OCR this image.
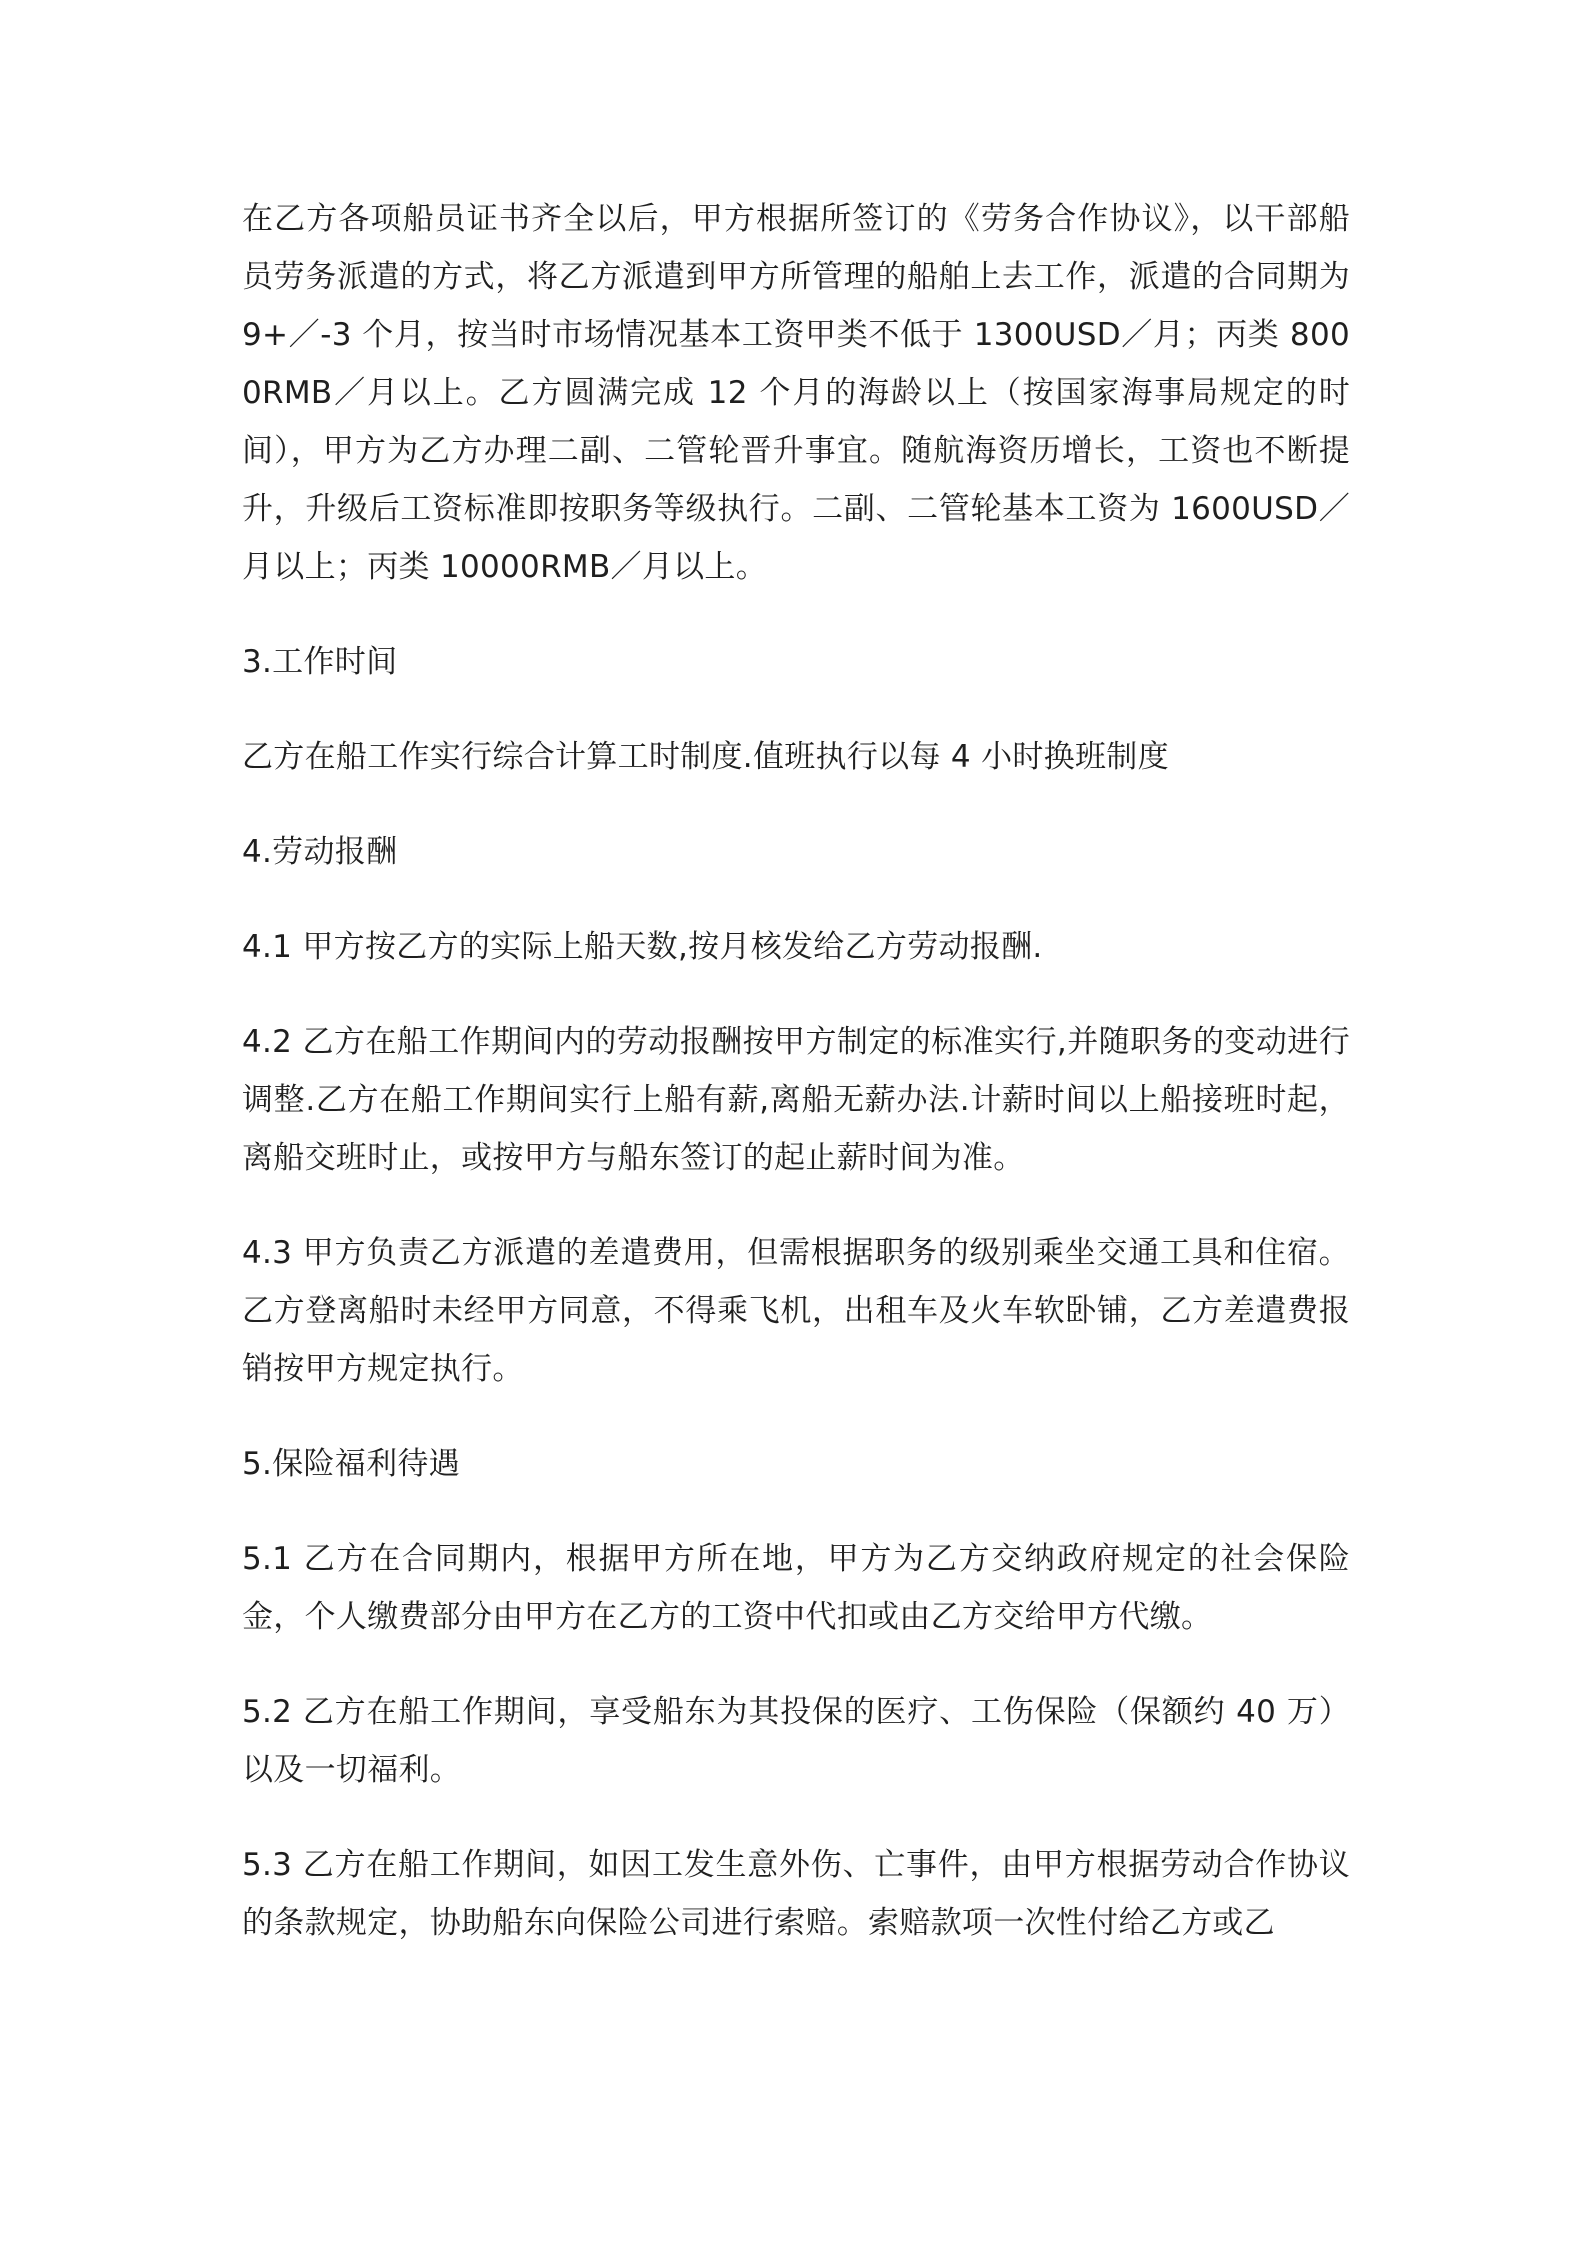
在乙方各项船员证书齐全以后，甲方根据所签订的《劳务合作协议》，以干部船员劳务派遣的方式，将乙方派遣到甲方所管理的船舶上去工作，派遣的合同期为 9+／-3 个月，按当时市场情况基本工资甲类不低于 1300USD／月；丙类 8000RMB／月以上。乙方圆满完成 12 个月的海龄以上（按国家海事局规定的时间），甲方为乙方办理二副、二管轮晋升事宜。随航海资历增长，工资也不断提升，升级后工资标准即按职务等级执行。二副、二管轮基本工资为 1600USD／月以上；丙类 10000RMB／月以上。

3.工作时间

乙方在船工作实行综合计算工时制度.值班执行以每 4 小时换班制度

4.劳动报酬

4.1 甲方按乙方的实际上船天数,按月核发给乙方劳动报酬.

4.2 乙方在船工作期间内的劳动报酬按甲方制定的标准实行,并随职务的变动进行调整.乙方在船工作期间实行上船有薪,离船无薪办法.计薪时间以上船接班时起，离船交班时止，或按甲方与船东签订的起止薪时间为准。

4.3 甲方负责乙方派遣的差遣费用，但需根据职务的级别乘坐交通工具和住宿。乙方登离船时未经甲方同意，不得乘飞机，出租车及火车软卧铺，乙方差遣费报销按甲方规定执行。

5.保险福利待遇

5.1 乙方在合同期内，根据甲方所在地，甲方为乙方交纳政府规定的社会保险金，个人缴费部分由甲方在乙方的工资中代扣或由乙方交给甲方代缴。

5.2 乙方在船工作期间，享受船东为其投保的医疗、工伤保险（保额约 40 万）以及一切福利。

5.3 乙方在船工作期间，如因工发生意外伤、亡事件，由甲方根据劳动合作协议的条款规定，协助船东向保险公司进行索赔。索赔款项一次性付给乙方或乙
